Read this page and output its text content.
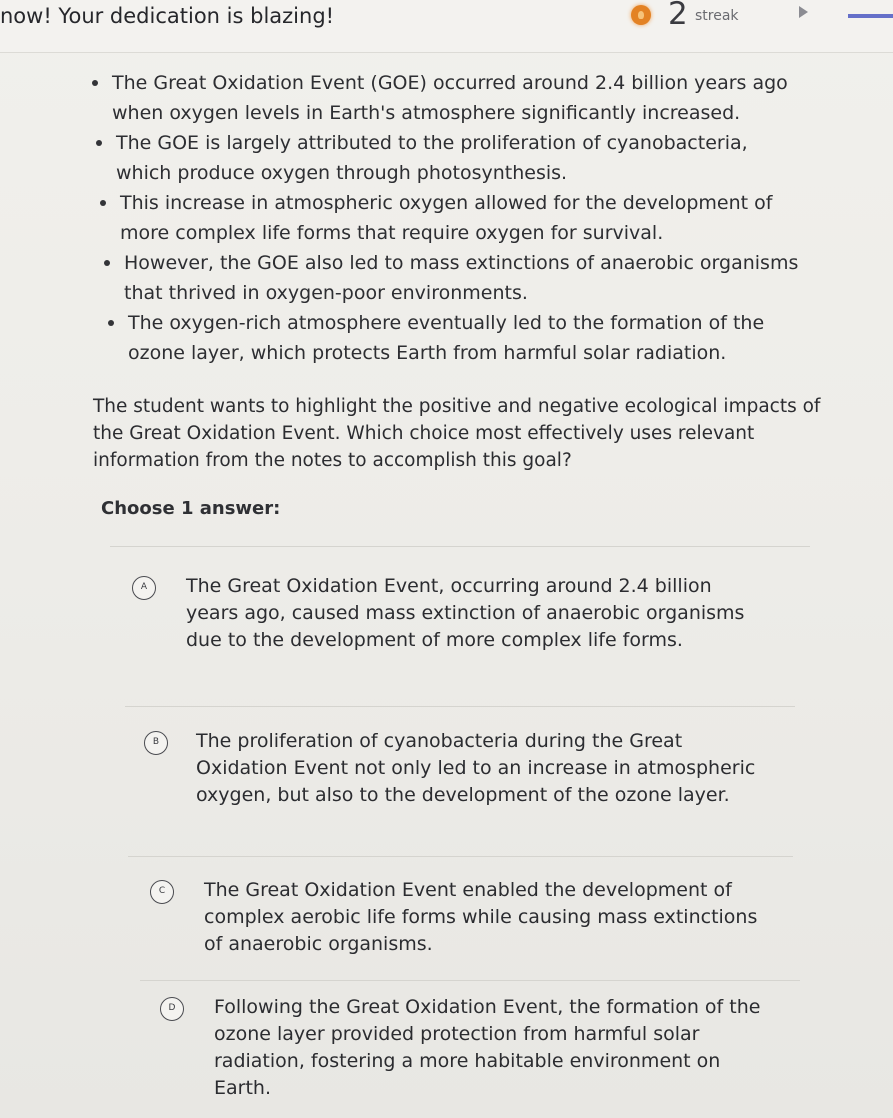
now! Your dedication is blazing!	2 streak
The Great Oxidation Event (GOE) occurred around 2.4 billion years ago when oxygen levels in Earth's atmosphere significantly increased.
The GOE is largely attributed to the proliferation of cyanobacteria, which produce oxygen through photosynthesis.
This increase in atmospheric oxygen allowed for the development of more complex life forms that require oxygen for survival.
However, the GOE also led to mass extinctions of anaerobic organisms that thrived in oxygen-poor environments.
The oxygen-rich atmosphere eventually led to the formation of the ozone layer, which protects Earth from harmful solar radiation.
The student wants to highlight the positive and negative ecological impacts of the Great Oxidation Event. Which choice most effectively uses relevant information from the notes to accomplish this goal?
Choose 1 answer:
A	The Great Oxidation Event, occurring around 2.4 billion years ago, caused mass extinction of anaerobic organisms due to the development of more complex life forms.
B	The proliferation of cyanobacteria during the Great Oxidation Event not only led to an increase in atmospheric oxygen, but also to the development of the ozone layer.
C	The Great Oxidation Event enabled the development of complex aerobic life forms while causing mass extinctions of anaerobic organisms.
D	Following the Great Oxidation Event, the formation of the ozone layer provided protection from harmful solar radiation, fostering a more habitable environment on Earth.
